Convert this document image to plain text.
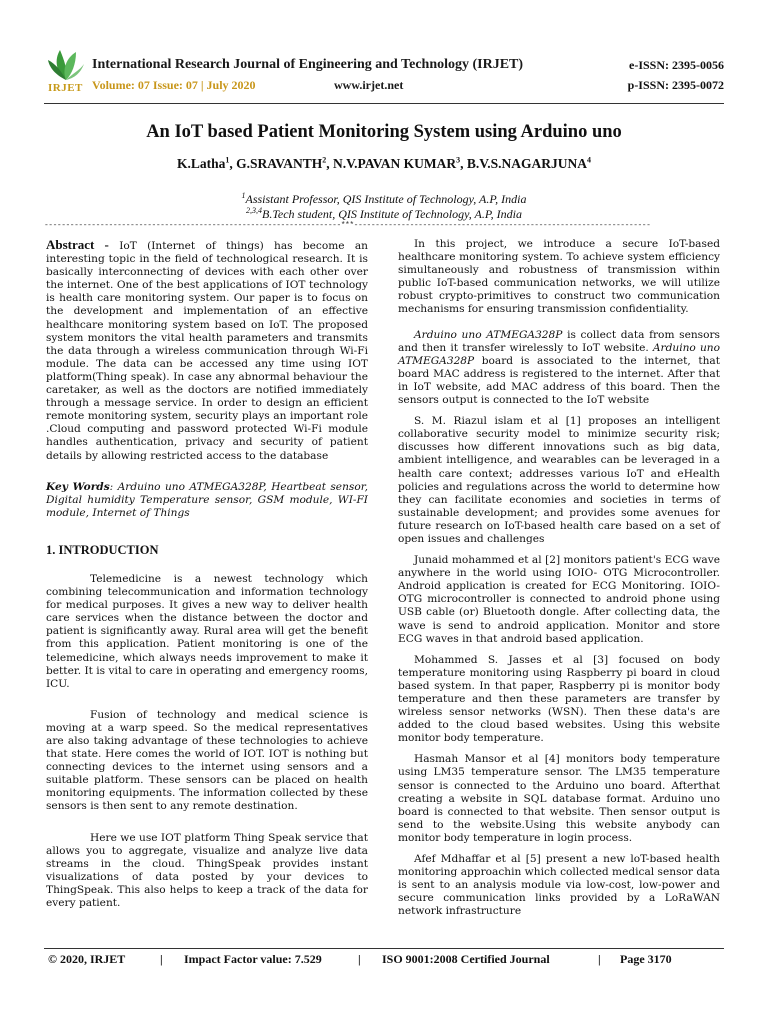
IRJET
International Research Journal of Engineering and Technology (IRJET)
Volume: 07 Issue: 07 | July 2020	www.irjet.net
e-ISSN: 2395-0056
p-ISSN: 2395-0072
An IoT based Patient Monitoring System using Arduino uno
K.Latha$^1$, G.SRAVANTH$^2$, N.V.PAVAN KUMAR$^3$, B.V.S.NAGARJUNA$^4$
$^1$Assistant Professor, QIS Institute of Technology, A.P, India
$^{2,3,4}$B.Tech student, QIS Institute of Technology, A.P, India
---------------------------------------------------------------------***---------------------------------------------------------------------

Abstract - IoT (Internet of things) has become an interesting topic in the field of technological research. It is basically interconnecting of devices with each other over the internet. One of the best applications of IOT technology is health care monitoring system. Our paper is to focus on the development and implementation of an effective healthcare monitoring system based on IoT. The proposed system monitors the vital health parameters and transmits the data through a wireless communication through Wi-Fi module. The data can be accessed any time using IOT platform(Thing speak). In case any abnormal behaviour the caretaker, as well as the doctors are notified immediately through a message service. In order to design an efficient remote monitoring system, security plays an important role .Cloud computing and password protected Wi-Fi module handles authentication, privacy and security of patient details by allowing restricted access to the database

Key Words: Arduino uno ATMEGA328P, Heartbeat sensor, Digital humidity Temperature sensor, GSM module, WI-FI module, Internet of Things

1. INTRODUCTION

Telemedicine is a newest technology which combining telecommunication and information technology for medical purposes. It gives a new way to deliver health care services when the distance between the doctor and patient is significantly away. Rural area will get the benefit from this application. Patient monitoring is one of the telemedicine, which always needs improvement to make it better. It is vital to care in operating and emergency rooms, ICU.

Fusion of technology and medical science is moving at a warp speed. So the medical representatives are also taking advantage of these technologies to achieve that state. Here comes the world of IOT. IOT is nothing but connecting devices to the internet using sensors and a suitable platform. These sensors can be placed on health monitoring equipments. The information collected by these sensors is then sent to any remote destination.

Here we use IOT platform Thing Speak service that allows you to aggregate, visualize and analyze live data streams in the cloud. ThingSpeak provides instant visualizations of data posted by your devices to ThingSpeak. This also helps to keep a track of the data for every patient.

In this project, we introduce a secure IoT-based healthcare monitoring system. To achieve system efficiency simultaneously and robustness of transmission within public IoT-based communication networks, we will utilize robust crypto-primitives to construct two communication mechanisms for ensuring transmission confidentiality.

Arduino uno ATMEGA328P is collect data from sensors and then it transfer wirelessly to IoT website. Arduino uno ATMEGA328P board is associated to the internet, that board MAC address is registered to the internet. After that in IoT website, add MAC address of this board. Then the sensors output is connected to the IoT website

S. M. Riazul islam et al [1] proposes an intelligent collaborative security model to minimize security risk; discusses how different innovations such as big data, ambient intelligence, and wearables can be leveraged in a health care context; addresses various IoT and eHealth policies and regulations across the world to determine how they can facilitate economies and societies in terms of sustainable development; and provides some avenues for future research on IoT-based health care based on a set of open issues and challenges

Junaid mohammed et al [2] monitors patient's ECG wave anywhere in the world using IOIO- OTG Microcontroller. Android application is created for ECG Monitoring. IOIO-OTG microcontroller is connected to android phone using USB cable (or) Bluetooth dongle. After collecting data, the wave is send to android application. Monitor and store ECG waves in that android based application.

Mohammed S. Jasses et al [3] focused on body temperature monitoring using Raspberry pi board in cloud based system. In that paper, Raspberry pi is monitor body temperature and then these parameters are transfer by wireless sensor networks (WSN). Then these data's are added to the cloud based websites. Using this website monitor body temperature.

Hasmah Mansor et al [4] monitors body temperature using LM35 temperature sensor. The LM35 temperature sensor is connected to the Arduino uno board. Afterthat creating a website in SQL database format. Arduino uno board is connected to that website. Then sensor output is send to the website.Using this website anybody can monitor body temperature in login process.

Afef Mdhaffar et al [5] present a new loT-based health monitoring approachin which collected medical sensor data is sent to an analysis module via low-cost, low-power and secure communication links provided by a LoRaWAN network infrastructure

© 2020, IRJET	| Impact Factor value: 7.529	| ISO 9001:2008 Certified Journal	| Page 3170
